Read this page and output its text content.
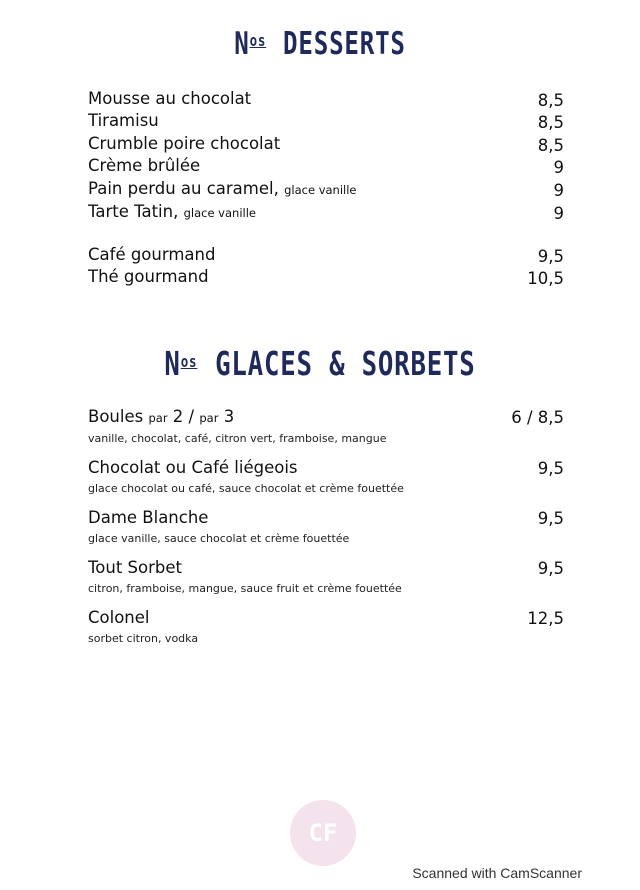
$N^{os}$ DESSERTS
Mousse au chocolat	8,5
Tiramisu	8,5
Crumble poire chocolat	8,5
Crème brûlée	9
Pain perdu au caramel, glace vanille	9
Tarte Tatin, glace vanille	9
Café gourmand	9,5
Thé gourmand	10,5
$N^{os}$ GLACES & SORBETS
Boules par 2 / par 3	6 / 8,5
vanille, chocolat, café, citron vert, framboise, mangue
Chocolat ou Café liégeois	9,5
glace chocolat ou café, sauce chocolat et crème fouettée
Dame Blanche	9,5
glace vanille, sauce chocolat et crème fouettée
Tout Sorbet	9,5
citron, framboise, mangue, sauce fruit et crème fouettée
Colonel	12,5
sorbet citron, vodka
CF
Scanned with CamScanner
